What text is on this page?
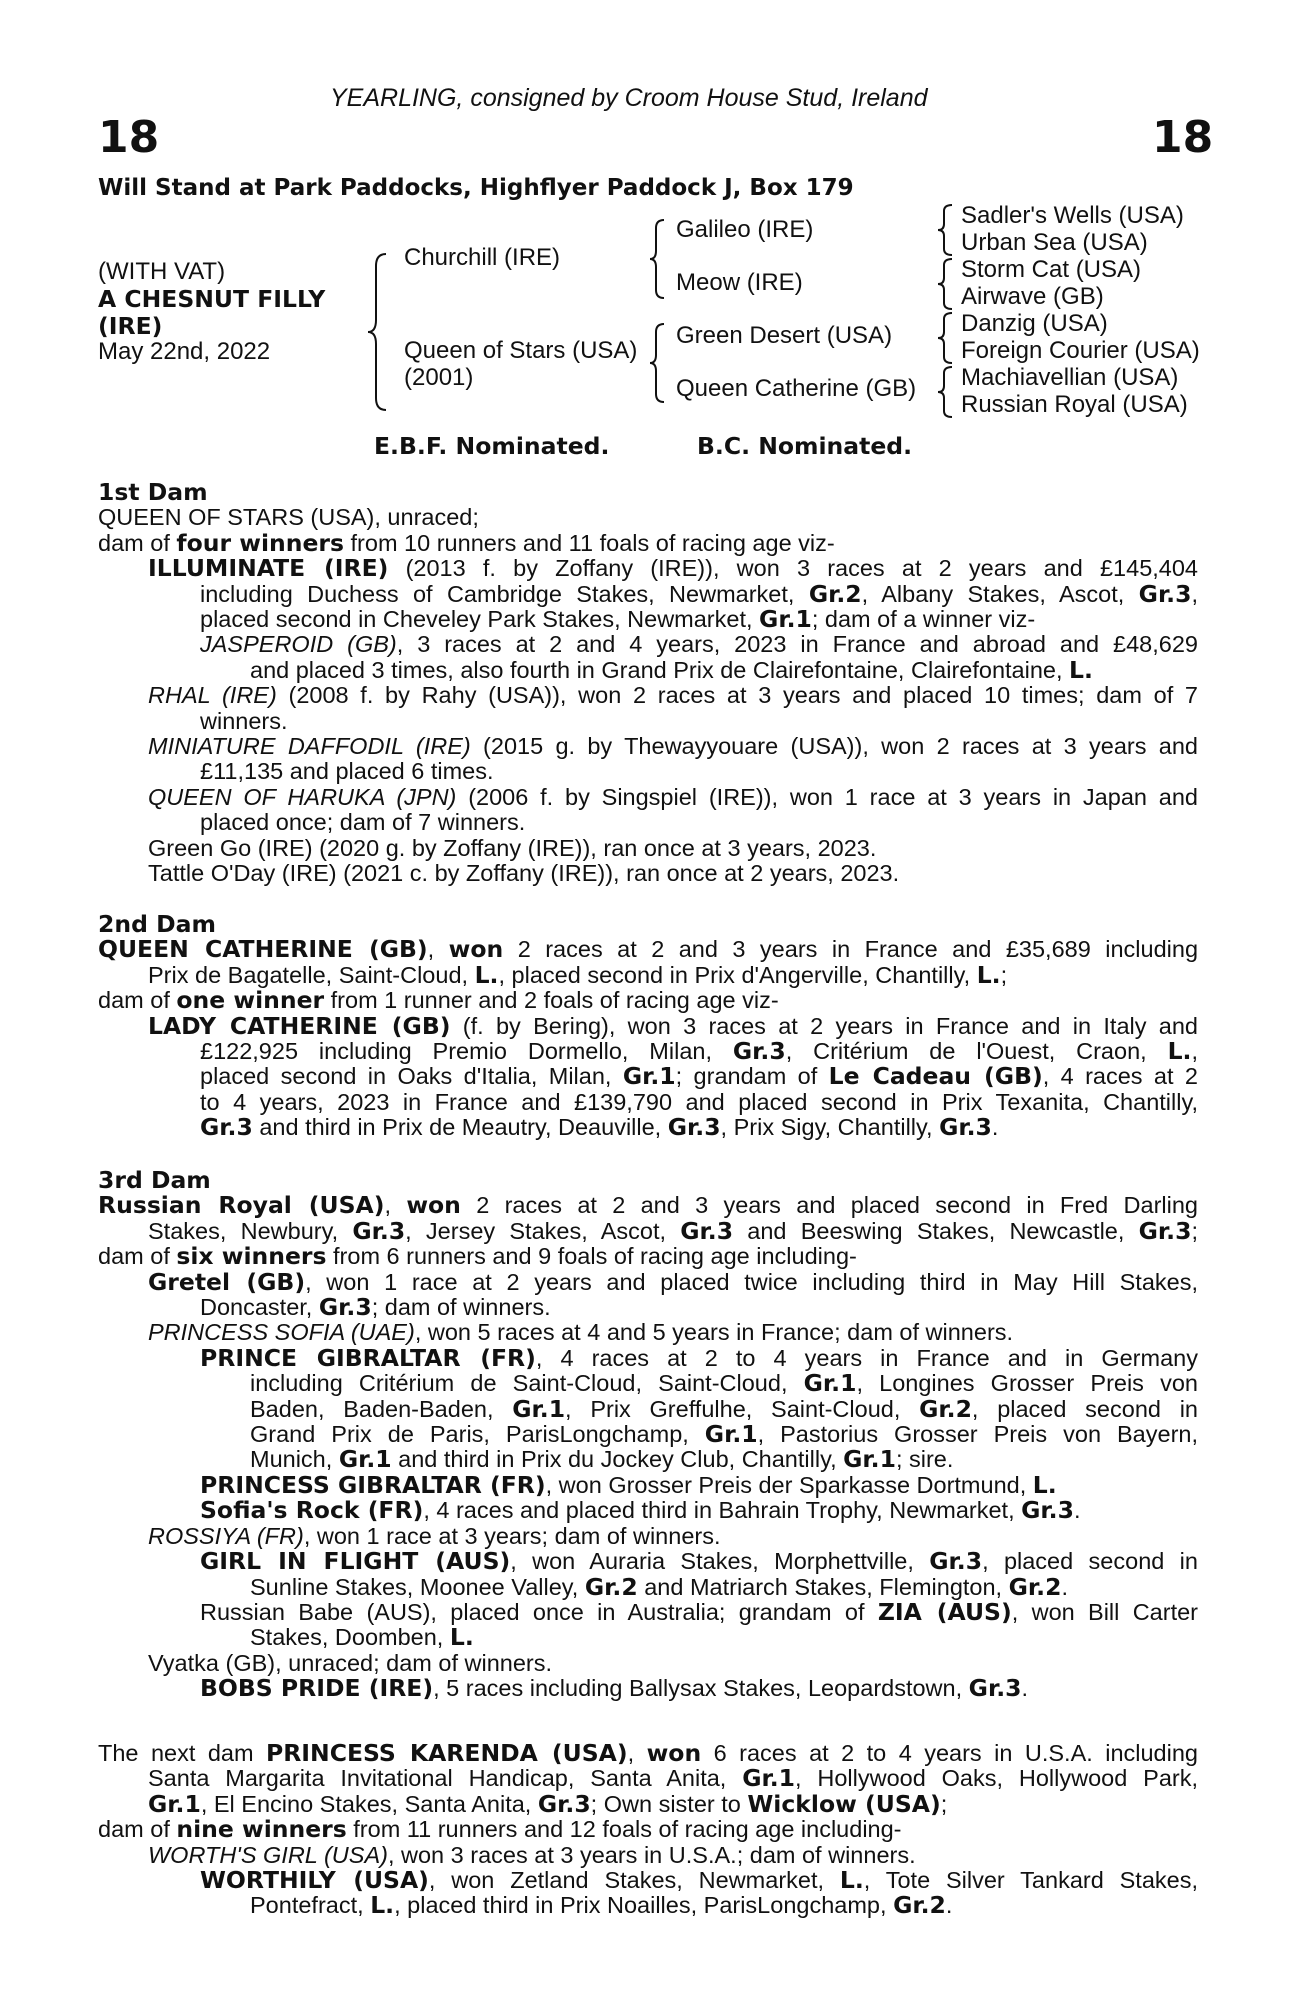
YEARLING, consigned by Croom House Stud, Ireland
18	18
Will Stand at Park Paddocks, Highflyer Paddock J, Box 179
(WITH VAT)
A CHESNUT FILLY
(IRE)
May 22nd, 2022
Churchill (IRE)
Queen of Stars (USA)
(2001)
Galileo (IRE)
Meow (IRE)
Green Desert (USA)
Queen Catherine (GB)
Sadler's Wells (USA)
Urban Sea (USA)
Storm Cat (USA)
Airwave (GB)
Danzig (USA)
Foreign Courier (USA)
Machiavellian (USA)
Russian Royal (USA)
E.B.F. Nominated.	B.C. Nominated.
1st Dam
QUEEN OF STARS (USA), unraced;
dam of four winners from 10 runners and 11 foals of racing age viz-
ILLUMINATE (IRE) (2013 f. by Zoffany (IRE)), won 3 races at 2 years and £145,404
including Duchess of Cambridge Stakes, Newmarket, Gr.2, Albany Stakes, Ascot, Gr.3,
placed second in Cheveley Park Stakes, Newmarket, Gr.1; dam of a winner viz-
JASPEROID (GB), 3 races at 2 and 4 years, 2023 in France and abroad and £48,629
and placed 3 times, also fourth in Grand Prix de Clairefontaine, Clairefontaine, L.
RHAL (IRE) (2008 f. by Rahy (USA)), won 2 races at 3 years and placed 10 times; dam of 7
winners.
MINIATURE DAFFODIL (IRE) (2015 g. by Thewayyouare (USA)), won 2 races at 3 years and
£11,135 and placed 6 times.
QUEEN OF HARUKA (JPN) (2006 f. by Singspiel (IRE)), won 1 race at 3 years in Japan and
placed once; dam of 7 winners.
Green Go (IRE) (2020 g. by Zoffany (IRE)), ran once at 3 years, 2023.
Tattle O'Day (IRE) (2021 c. by Zoffany (IRE)), ran once at 2 years, 2023.
2nd Dam
QUEEN CATHERINE (GB), won 2 races at 2 and 3 years in France and £35,689 including
Prix de Bagatelle, Saint-Cloud, L., placed second in Prix d'Angerville, Chantilly, L.;
dam of one winner from 1 runner and 2 foals of racing age viz-
LADY CATHERINE (GB) (f. by Bering), won 3 races at 2 years in France and in Italy and
£122,925 including Premio Dormello, Milan, Gr.3, Critérium de l'Ouest, Craon, L.,
placed second in Oaks d'Italia, Milan, Gr.1; grandam of Le Cadeau (GB), 4 races at 2
to 4 years, 2023 in France and £139,790 and placed second in Prix Texanita, Chantilly,
Gr.3 and third in Prix de Meautry, Deauville, Gr.3, Prix Sigy, Chantilly, Gr.3.
3rd Dam
Russian Royal (USA), won 2 races at 2 and 3 years and placed second in Fred Darling
Stakes, Newbury, Gr.3, Jersey Stakes, Ascot, Gr.3 and Beeswing Stakes, Newcastle, Gr.3;
dam of six winners from 6 runners and 9 foals of racing age including-
Gretel (GB), won 1 race at 2 years and placed twice including third in May Hill Stakes,
Doncaster, Gr.3; dam of winners.
PRINCESS SOFIA (UAE), won 5 races at 4 and 5 years in France; dam of winners.
PRINCE GIBRALTAR (FR), 4 races at 2 to 4 years in France and in Germany
including Critérium de Saint-Cloud, Saint-Cloud, Gr.1, Longines Grosser Preis von
Baden, Baden-Baden, Gr.1, Prix Greffulhe, Saint-Cloud, Gr.2, placed second in
Grand Prix de Paris, ParisLongchamp, Gr.1, Pastorius Grosser Preis von Bayern,
Munich, Gr.1 and third in Prix du Jockey Club, Chantilly, Gr.1; sire.
PRINCESS GIBRALTAR (FR), won Grosser Preis der Sparkasse Dortmund, L.
Sofia's Rock (FR), 4 races and placed third in Bahrain Trophy, Newmarket, Gr.3.
ROSSIYA (FR), won 1 race at 3 years; dam of winners.
GIRL IN FLIGHT (AUS), won Auraria Stakes, Morphettville, Gr.3, placed second in
Sunline Stakes, Moonee Valley, Gr.2 and Matriarch Stakes, Flemington, Gr.2.
Russian Babe (AUS), placed once in Australia; grandam of ZIA (AUS), won Bill Carter
Stakes, Doomben, L.
Vyatka (GB), unraced; dam of winners.
BOBS PRIDE (IRE), 5 races including Ballysax Stakes, Leopardstown, Gr.3.
The next dam PRINCESS KARENDA (USA), won 6 races at 2 to 4 years in U.S.A. including
Santa Margarita Invitational Handicap, Santa Anita, Gr.1, Hollywood Oaks, Hollywood Park,
Gr.1, El Encino Stakes, Santa Anita, Gr.3; Own sister to Wicklow (USA);
dam of nine winners from 11 runners and 12 foals of racing age including-
WORTH'S GIRL (USA), won 3 races at 3 years in U.S.A.; dam of winners.
WORTHILY (USA), won Zetland Stakes, Newmarket, L., Tote Silver Tankard Stakes,
Pontefract, L., placed third in Prix Noailles, ParisLongchamp, Gr.2.
